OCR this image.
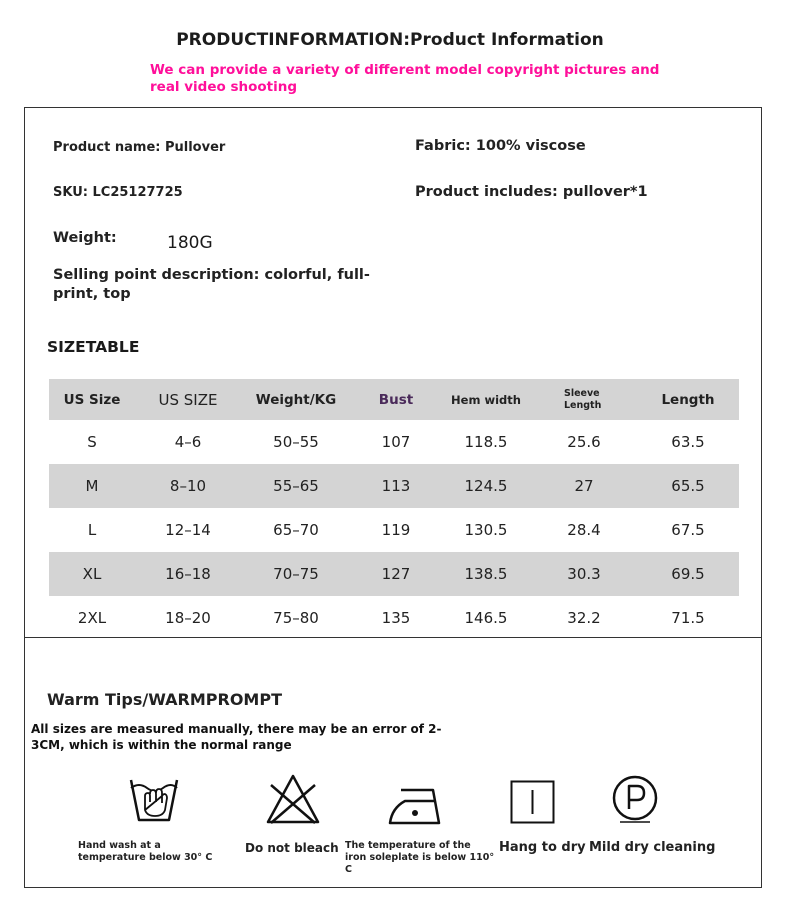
PRODUCTINFORMATION:Product Information
We can provide a variety of different model copyright pictures and real video shooting
Product name: Pullover
SKU: LC25127725
Weight:	180G
Selling point description: colorful, full-print, top
Fabric: 100% viscose
Product includes: pullover*1
SIZETABLE
US Size	US SIZE	Weight/KG	Bust	Hem width	Sleeve Length	Length
S	4–6	50–55	107	118.5	25.6	63.5
M	8–10	55–65	113	124.5	27	65.5
L	12–14	65–70	119	130.5	28.4	67.5
XL	16–18	70–75	127	138.5	30.3	69.5
2XL	18–20	75–80	135	146.5	32.2	71.5
Warm Tips/WARMPROMPT
All sizes are measured manually, there may be an error of 2-3CM, which is within the normal range
Hand wash at a temperature below 30° C
Do not bleach The temperature of the iron soleplate is below 110° C
Hang to dry Mild dry cleaning
